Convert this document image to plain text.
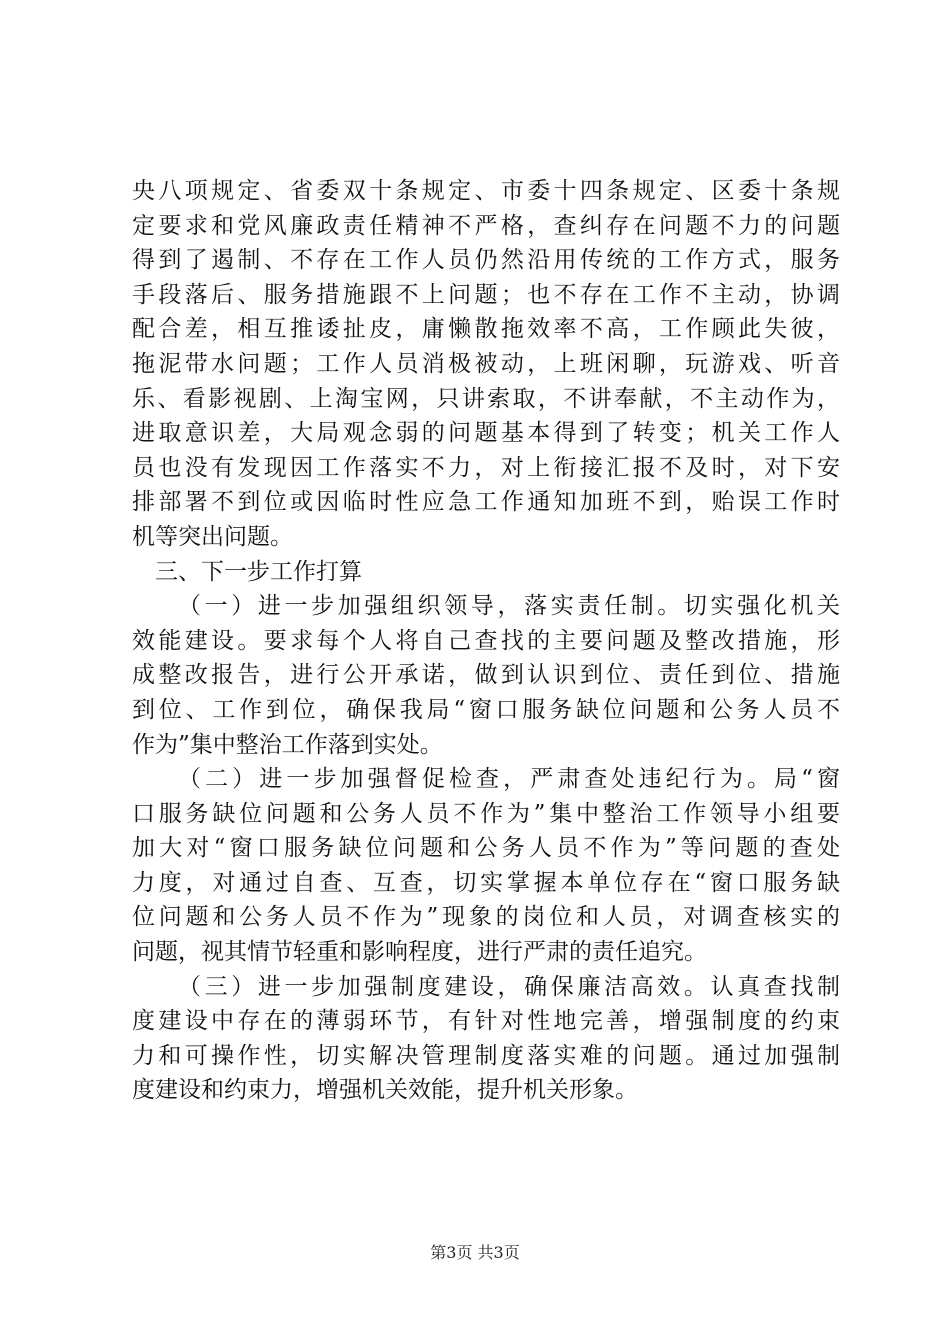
央八项规定、省委双十条规定、市委十四条规定、区委十条规
定要求和党风廉政责任精神不严格，查纠存在问题不力的问题
得到了遏制、不存在工作人员仍然沿用传统的工作方式，服务
手段落后、服务措施跟不上问题；也不存在工作不主动，协调
配合差，相互推诿扯皮，庸懒散拖效率不高，工作顾此失彼，
拖泥带水问题；工作人员消极被动，上班闲聊，玩游戏、听音
乐、看影视剧、上淘宝网，只讲索取，不讲奉献，不主动作为，
进取意识差，大局观念弱的问题基本得到了转变；机关工作人
员也没有发现因工作落实不力，对上衔接汇报不及时，对下安
排部署不到位或因临时性应急工作通知加班不到，贻误工作时
机等突出问题。
三、下一步工作打算
（一）进一步加强组织领导，落实责任制。切实强化机关
效能建设。要求每个人将自己查找的主要问题及整改措施，形
成整改报告，进行公开承诺，做到认识到位、责任到位、措施
到位、工作到位，确保我局“窗口服务缺位问题和公务人员不
作为”集中整治工作落到实处。
（二）进一步加强督促检查，严肃查处违纪行为。局“窗
口服务缺位问题和公务人员不作为”集中整治工作领导小组要
加大对“窗口服务缺位问题和公务人员不作为”等问题的查处
力度，对通过自查、互查，切实掌握本单位存在“窗口服务缺
位问题和公务人员不作为”现象的岗位和人员，对调查核实的
问题，视其情节轻重和影响程度，进行严肃的责任追究。
（三）进一步加强制度建设，确保廉洁高效。认真查找制
度建设中存在的薄弱环节，有针对性地完善，增强制度的约束
力和可操作性，切实解决管理制度落实难的问题。通过加强制
度建设和约束力，增强机关效能，提升机关形象。
第3页 共3页
